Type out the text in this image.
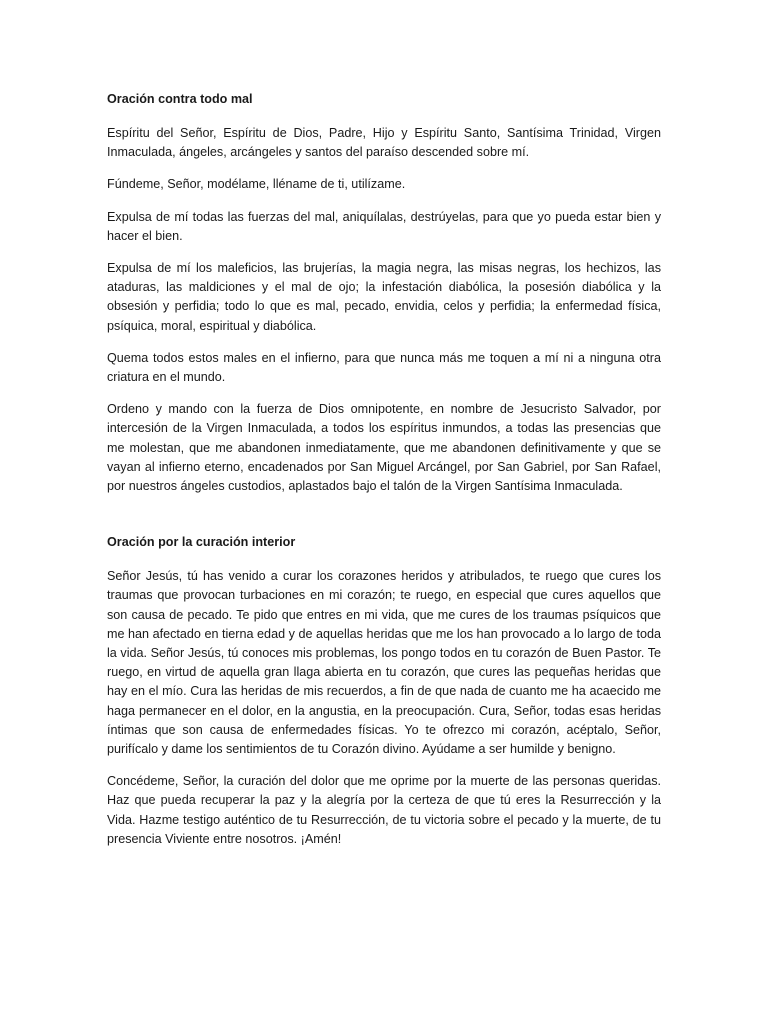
Oración contra todo mal

Espíritu del Señor, Espíritu de Dios, Padre, Hijo y Espíritu Santo, Santísima Trinidad, Virgen Inmaculada, ángeles, arcángeles y santos del paraíso descended sobre mí.

Fúndeme, Señor, modélame, lléname de ti, utilízame.

Expulsa de mí todas las fuerzas del mal, aniquílalas, destrúyelas, para que yo pueda estar bien y hacer el bien.

Expulsa de mí los maleficios, las brujerías, la magia negra, las misas negras, los hechizos, las ataduras, las maldiciones y el mal de ojo; la infestación diabólica, la posesión diabólica y la obsesión y perfidia; todo lo que es mal, pecado, envidia, celos y perfidia; la enfermedad física, psíquica, moral, espiritual y diabólica.

Quema todos estos males en el infierno, para que nunca más me toquen a mí ni a ninguna otra criatura en el mundo.

Ordeno y mando con la fuerza de Dios omnipotente, en nombre de Jesucristo Salvador, por intercesión de la Virgen Inmaculada, a todos los espíritus inmundos, a todas las presencias que me molestan, que me abandonen inmediatamente, que me abandonen definitivamente y que se vayan al infierno eterno, encadenados por San Miguel Arcángel, por San Gabriel, por San Rafael, por nuestros ángeles custodios, aplastados bajo el talón de la Virgen Santísima Inmaculada.

Oración por la curación interior

Señor Jesús, tú has venido a curar los corazones heridos y atribulados, te ruego que cures los traumas que provocan turbaciones en mi corazón; te ruego, en especial que cures aquellos que son causa de pecado. Te pido que entres en mi vida, que me cures de los traumas psíquicos que me han afectado en tierna edad y de aquellas heridas que me los han provocado a lo largo de toda la vida. Señor Jesús, tú conoces mis problemas, los pongo todos en tu corazón de Buen Pastor. Te ruego, en virtud de aquella gran llaga abierta en tu corazón, que cures las pequeñas heridas que hay en el mío. Cura las heridas de mis recuerdos, a fin de que nada de cuanto me ha acaecido me haga permanecer en el dolor, en la angustia, en la preocupación. Cura, Señor, todas esas heridas íntimas que son causa de enfermedades físicas. Yo te ofrezco mi corazón, acéptalo, Señor, purifícalo y dame los sentimientos de tu Corazón divino. Ayúdame a ser humilde y benigno.

Concédeme, Señor, la curación del dolor que me oprime por la muerte de las personas queridas. Haz que pueda recuperar la paz y la alegría por la certeza de que tú eres la Resurrección y la Vida. Hazme testigo auténtico de tu Resurrección, de tu victoria sobre el pecado y la muerte, de tu presencia Viviente entre nosotros. ¡Amén!
